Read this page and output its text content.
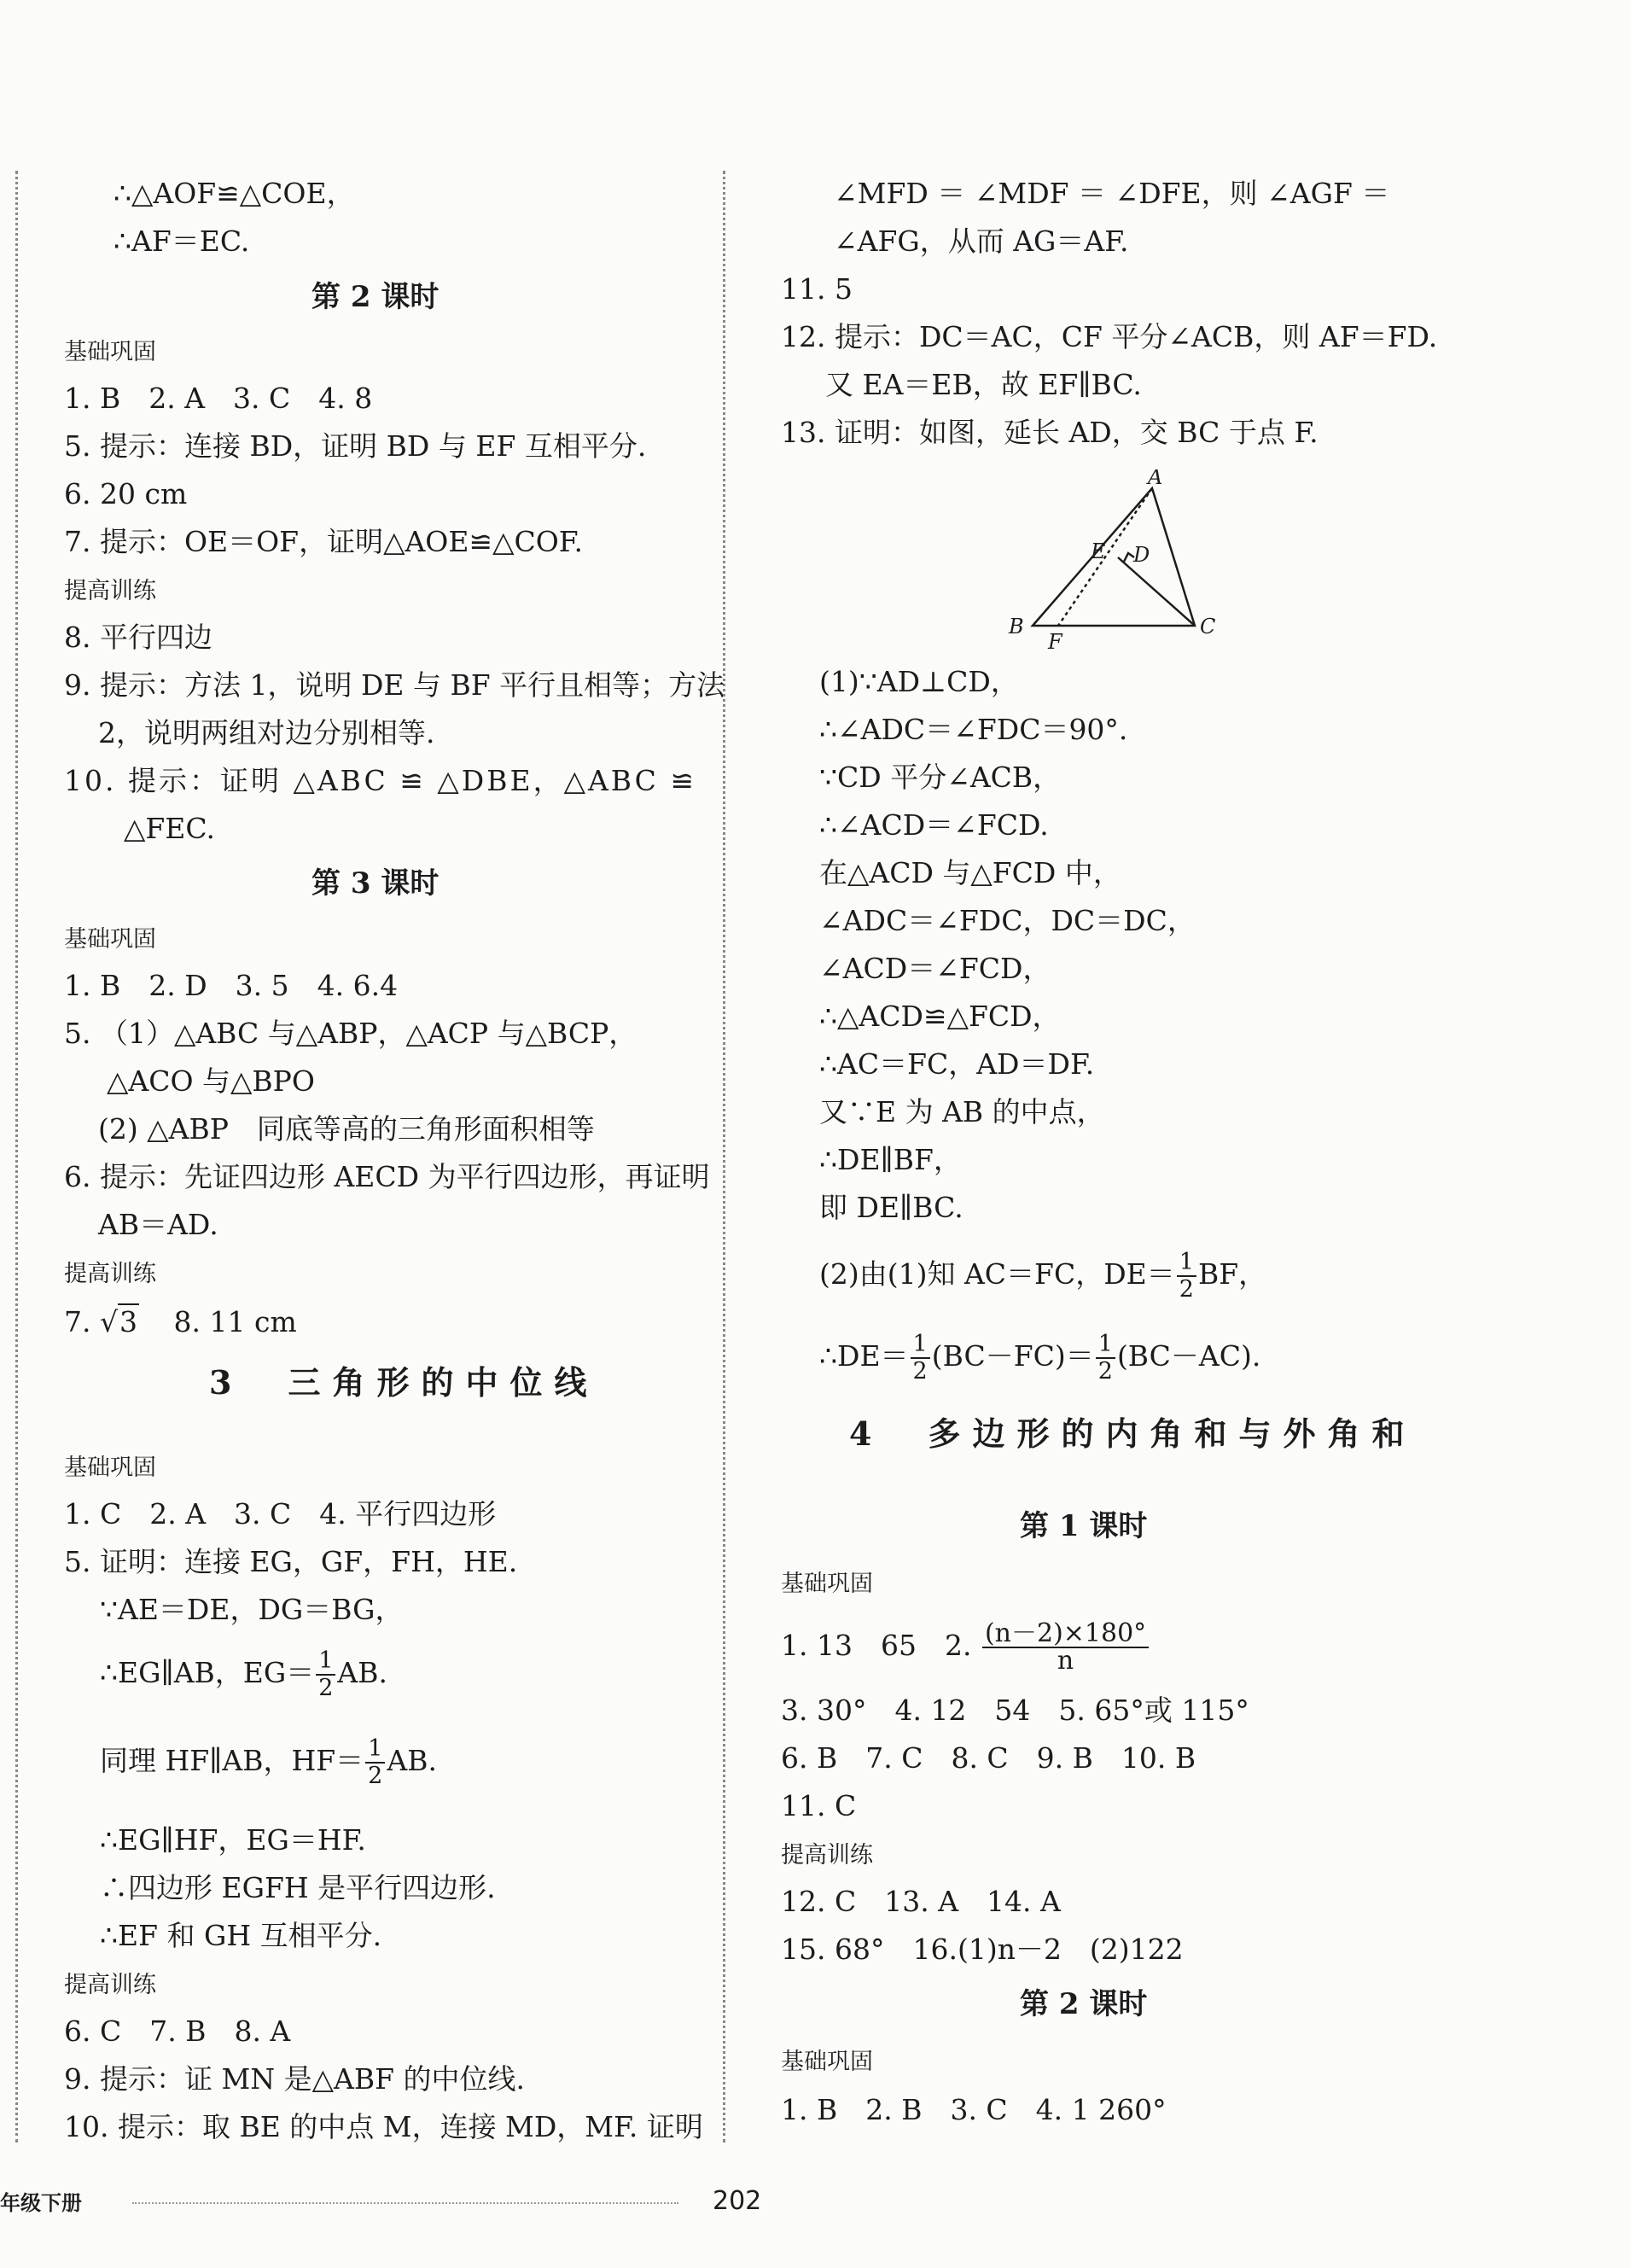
∴△AOF≌△COE，
∴AF＝EC.
第 2 课时
基础巩固
1. B　2. A　3. C　4. 8
5. 提示：连接 BD，证明 BD 与 EF 互相平分.
6. 20 cm
7. 提示：OE＝OF，证明△AOE≌△COF.
提高训练
8. 平行四边
9. 提示：方法 1，说明 DE 与 BF 平行且相等；方法
2，说明两组对边分别相等.
10. 提示：证明 △ABC ≌ △DBE，△ABC ≌
△FEC.
第 3 课时
基础巩固
1. B　2. D　3. 5　4. 6.4
5. （1）△ABC 与△ABP，△ACP 与△BCP，
△ACO 与△BPO
(2) △ABP　同底等高的三角形面积相等
6. 提示：先证四边形 AECD 为平行四边形，再证明
AB＝AD.
提高训练
7. √3 8. 11 cm
3　三角形的中位线
基础巩固
1. C　2. A　3. C　4. 平行四边形
5. 证明：连接 EG，GF，FH，HE.
∵AE＝DE，DG＝BG，
∴EG∥AB，$EG= \frac{1}{2}$ AB.
同理 HF∥AB，$HF= \frac{1}{2}$ AB.
∴EG∥HF，EG＝HF.
∴四边形 EGFH 是平行四边形.
∴EF 和 GH 互相平分.
提高训练
6. C　7. B　8. A
9. 提示：证 MN 是△ABF 的中位线.
10. 提示：取 BE 的中点 M，连接 MD，MF. 证明
∠MFD ＝ ∠MDF ＝ ∠DFE，则 ∠AGF ＝
∠AFG，从而 AG＝AF.
11. 5
12. 提示：DC＝AC，CF 平分∠ACB，则 AF＝FD.
又 EA＝EB，故 EF∥BC.
13. 证明：如图，延长 AD，交 BC 于点 F.
A
B	C
D
E
F
(1)∵AD⊥CD，
∴∠ADC＝∠FDC＝90°.
∵CD 平分∠ACB，
∴∠ACD＝∠FCD.
在△ACD 与△FCD 中，
∠ADC＝∠FDC，DC＝DC，
∠ACD＝∠FCD，
∴△ACD≌△FCD，
∴AC＝FC，AD＝DF.
又∵E 为 AB 的中点，
∴DE∥BF，
即 DE∥BC.
(2)由(1)知 AC＝FC，$DE= \frac{1}{2}$ BF，
∴DE＝ $\frac{1}{2} (BC-FC)= \frac{1}{2} (BC-AC)$.
4　多边形的内角和与外角和
第 1 课时
基础巩固
1. 13　65　2. $\frac{(n-2)\times 180^\circ}{n}$
3. 30°　4. 12　54　5. 65°或 115°
6. B　7. C　8. C　9. B　10. B
11. C
提高训练
12. C　13. A　14. A
15. 68°　16.(1)n－2　(2)122
第 2 课时
基础巩固
1. B　2. B　3. C　4. 1 260°
年级下册	202
